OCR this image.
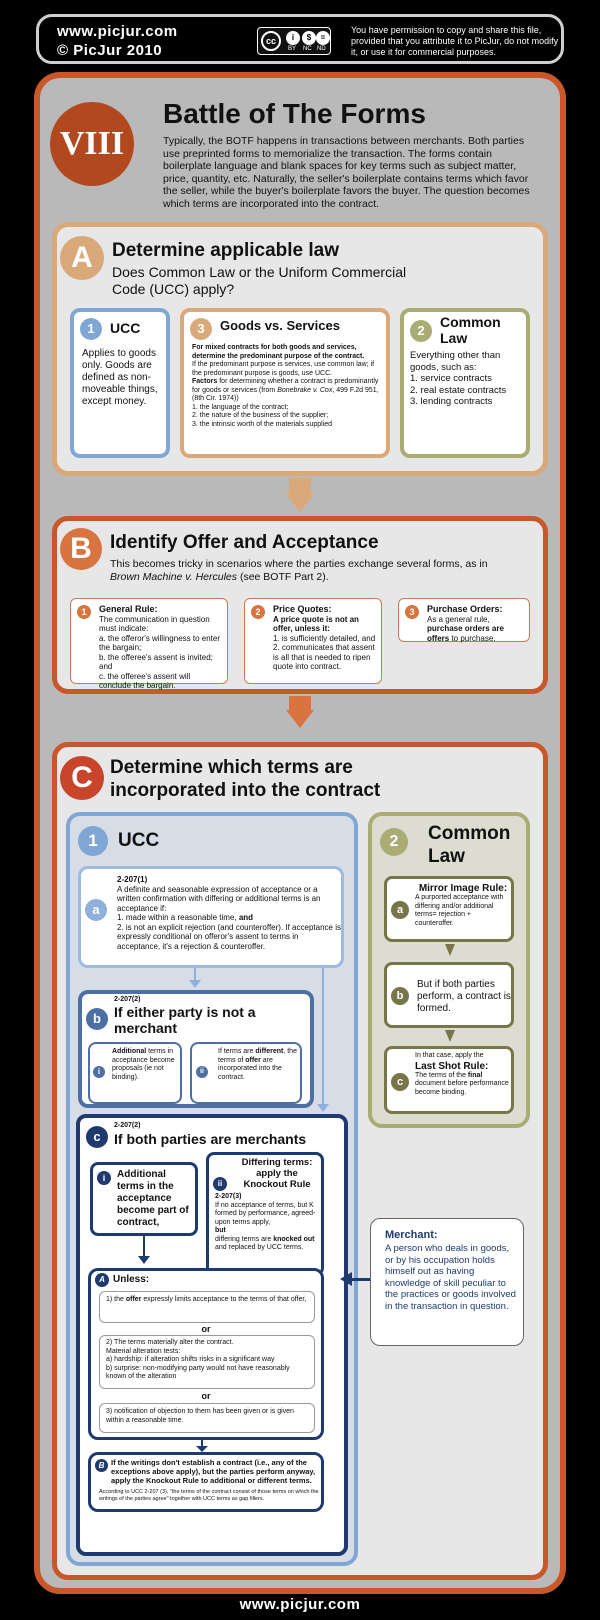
www.picjur.com
© PicJur 2010
cc	i	$	=
BY NC ND
You have permission to copy and share this file, provided that you attribute it to PicJur, do not modify it, or use it for commercial purposes.
VIII
Battle of The Forms
Typically, the BOTF happens in transactions between merchants. Both parties use preprinted forms to memorialize the transaction. The forms contain boilerplate language and blank spaces for key terms such as subject matter, price, quantity, etc. Naturally, the seller's boilerplate contains terms which favor the seller, while the buyer's boilerplate favors the buyer. The question becomes which terms are incorporated into the contract.
A	Determine applicable law
Does Common Law or the Uniform Commercial Code (UCC) apply?
1	UCC
Applies to goods only. Goods are defined as non-moveable things, except money.
3	Goods vs. Services
For mixed contracts for both goods and services, determine the predominant purpose of the contract.
If the predominant purpose is services, use common law; if the predominant purpose is goods, use UCC.
Factors for determining whether a contract is predominantly for goods or services (from Bonebrake v. Cox, 499 F.2d 951, (8th Cir. 1974))
1. the language of the contract;
2. the nature of the business of the supplier;
3. the intrinsic worth of the materials supplied
2
Common Law
Everything other than goods, such as:
1. service contracts
2. real estate contracts
3. lending contracts
B Identify Offer and Acceptance
This becomes tricky in scenarios where the parties exchange several forms, as in Brown Machine v. Hercules (see BOTF Part 2).
1	General Rule:
The communication in question must indicate:
a. the offeror's willingness to enter the bargain;
b. the offeree's assent is invited; and
c. the offeree's assent will conclude the bargain.
2	Price Quotes:
A price quote is not an offer, unless it:
1. is sufficiently detailed, and
2. communicates that assent is all that is needed to ripen quote into contract.
3	Purchase Orders:
As a general rule, purchase orders are offers to purchase.
C Determine which terms are
incorporated into the contract
1	UCC
a
2-207(1)
A definite and seasonable expression of acceptance or a written confirmation with differing or additional terms is an acceptance if:
1. made within a reasonable time, and
2. is not an explicit rejection (and counteroffer). If acceptance is expressly conditional on offeror's assent to terms in acceptance, it's a rejection & counteroffer.
b
2-207(2)
If either party is not a merchant
i
Additional terms in acceptance become proposals (ie not binding).
ii
If terms are different, the terms of offer are incorporated into the contract.
c
2-207(2)
If both parties are merchants
i	Additional terms in the acceptance become part of contract,
ii
Differing terms: apply the Knockout Rule
2-207(3)
If no acceptance of terms, but K formed by performance, agreed-upon terms apply,
but
differing terms are knocked out and replaced by UCC terms.
A Unless:
1) the offer expressly limits acceptance to the terms of that offer,
or
2) The terms materially alter the contract.
Material alteration tests:
a) hardship: if alteration shifts risks in a significant way
b) surprise: non-modifying party would not have reasonably known of the alteration
or
3) notification of objection to them has been given or is given within a reasonable time.
B If the writings don't establish a contract (i.e., any of the exceptions above apply), but the parties perform anyway, apply the Knockout Rule to additional or different terms.
According to UCC 2-207 (3), "the terms of the contract consist of those terms on which the writings of the parties agree" together with UCC terms as gap fillers.
2	Common Law
a
Mirror Image Rule:
A purported acceptance with differing and/or additional terms= rejection + counteroffer.
b
But if both parties perform, a contract is formed.
c
In that case, apply the
Last Shot Rule:
The terms of the final document before performance become binding.
Merchant:
A person who deals in goods, or by his occupation holds himself out as having knowledge of skill peculiar to the practices or goods involved in the transaction in question.
www.picjur.com
